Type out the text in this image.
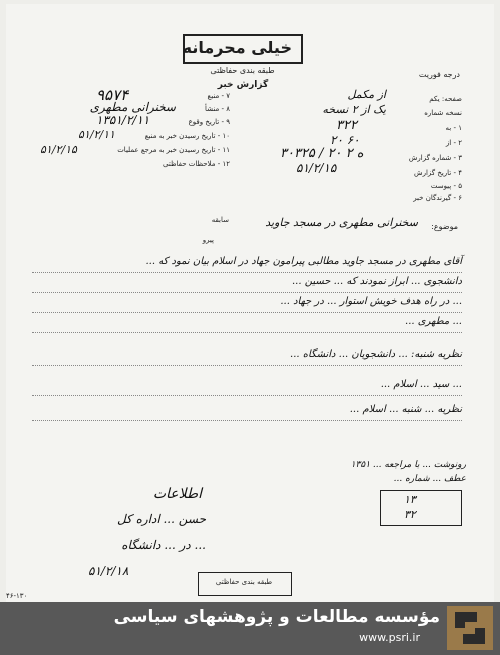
خیلی محرمانه
طبقه بندی حفاظتی
گزارش خبر
درجه فوریت
۷ - منبع
۹۵۷۴
۸ - منشأ
سخنرانی مطهری
۹ - تاریخ وقوع
۱۳۵۱/۲/۱۱
۱۰ - تاریخ رسیدن خبر به منبع
۵۱/۲/۱۱
۱۱ - تاریخ رسیدن خبر به مرجع عملیات
۵۱/۲/۱۵
۱۲ - ملاحظات حفاظتی
صفحه: یکم
از مکمل
نسخه شماره
یک از ۲ نسخه
۱ - به
۳۲۲
۲ - از
۲۰ ۶۰
۳ - شماره گزارش
۳۰۳۲۵ / ۲۰ ه ۲
۴ - تاریخ گزارش
۵۱/۲/۱۵
۵ - پیوست
۶ - گیرندگان خبر
سابقه
پیرو
موضوع:
سخنرانی مطهری در مسجد جاوید
آقای مطهری در مسجد جاوید مطالبی پیرامون جهاد در اسلام بیان نمود که ...
دانشجوی ... ابراز نمودند که ... حسین ...
... در راه هدف خویش استوار ... در جهاد ...
... مطهری ...
نظریه شنبه: ... دانشجویان ... دانشگاه ...
... سید ... اسلام ...
نظریه ... شنبه ... اسلام ...
رونوشت ... با مراجعه ... ۱۳۵۱
عطف ... شماره ...
۱۳
۳۲
اطلاعات
حسن ... اداره کل
... در ... دانشگاه
۵۱/۲/۱۸
طبقه بندی حفاظتی
۴۶-۱۳۰
مؤسسه مطالعات و پژوهشهای سیاسی
www.psri.ir
